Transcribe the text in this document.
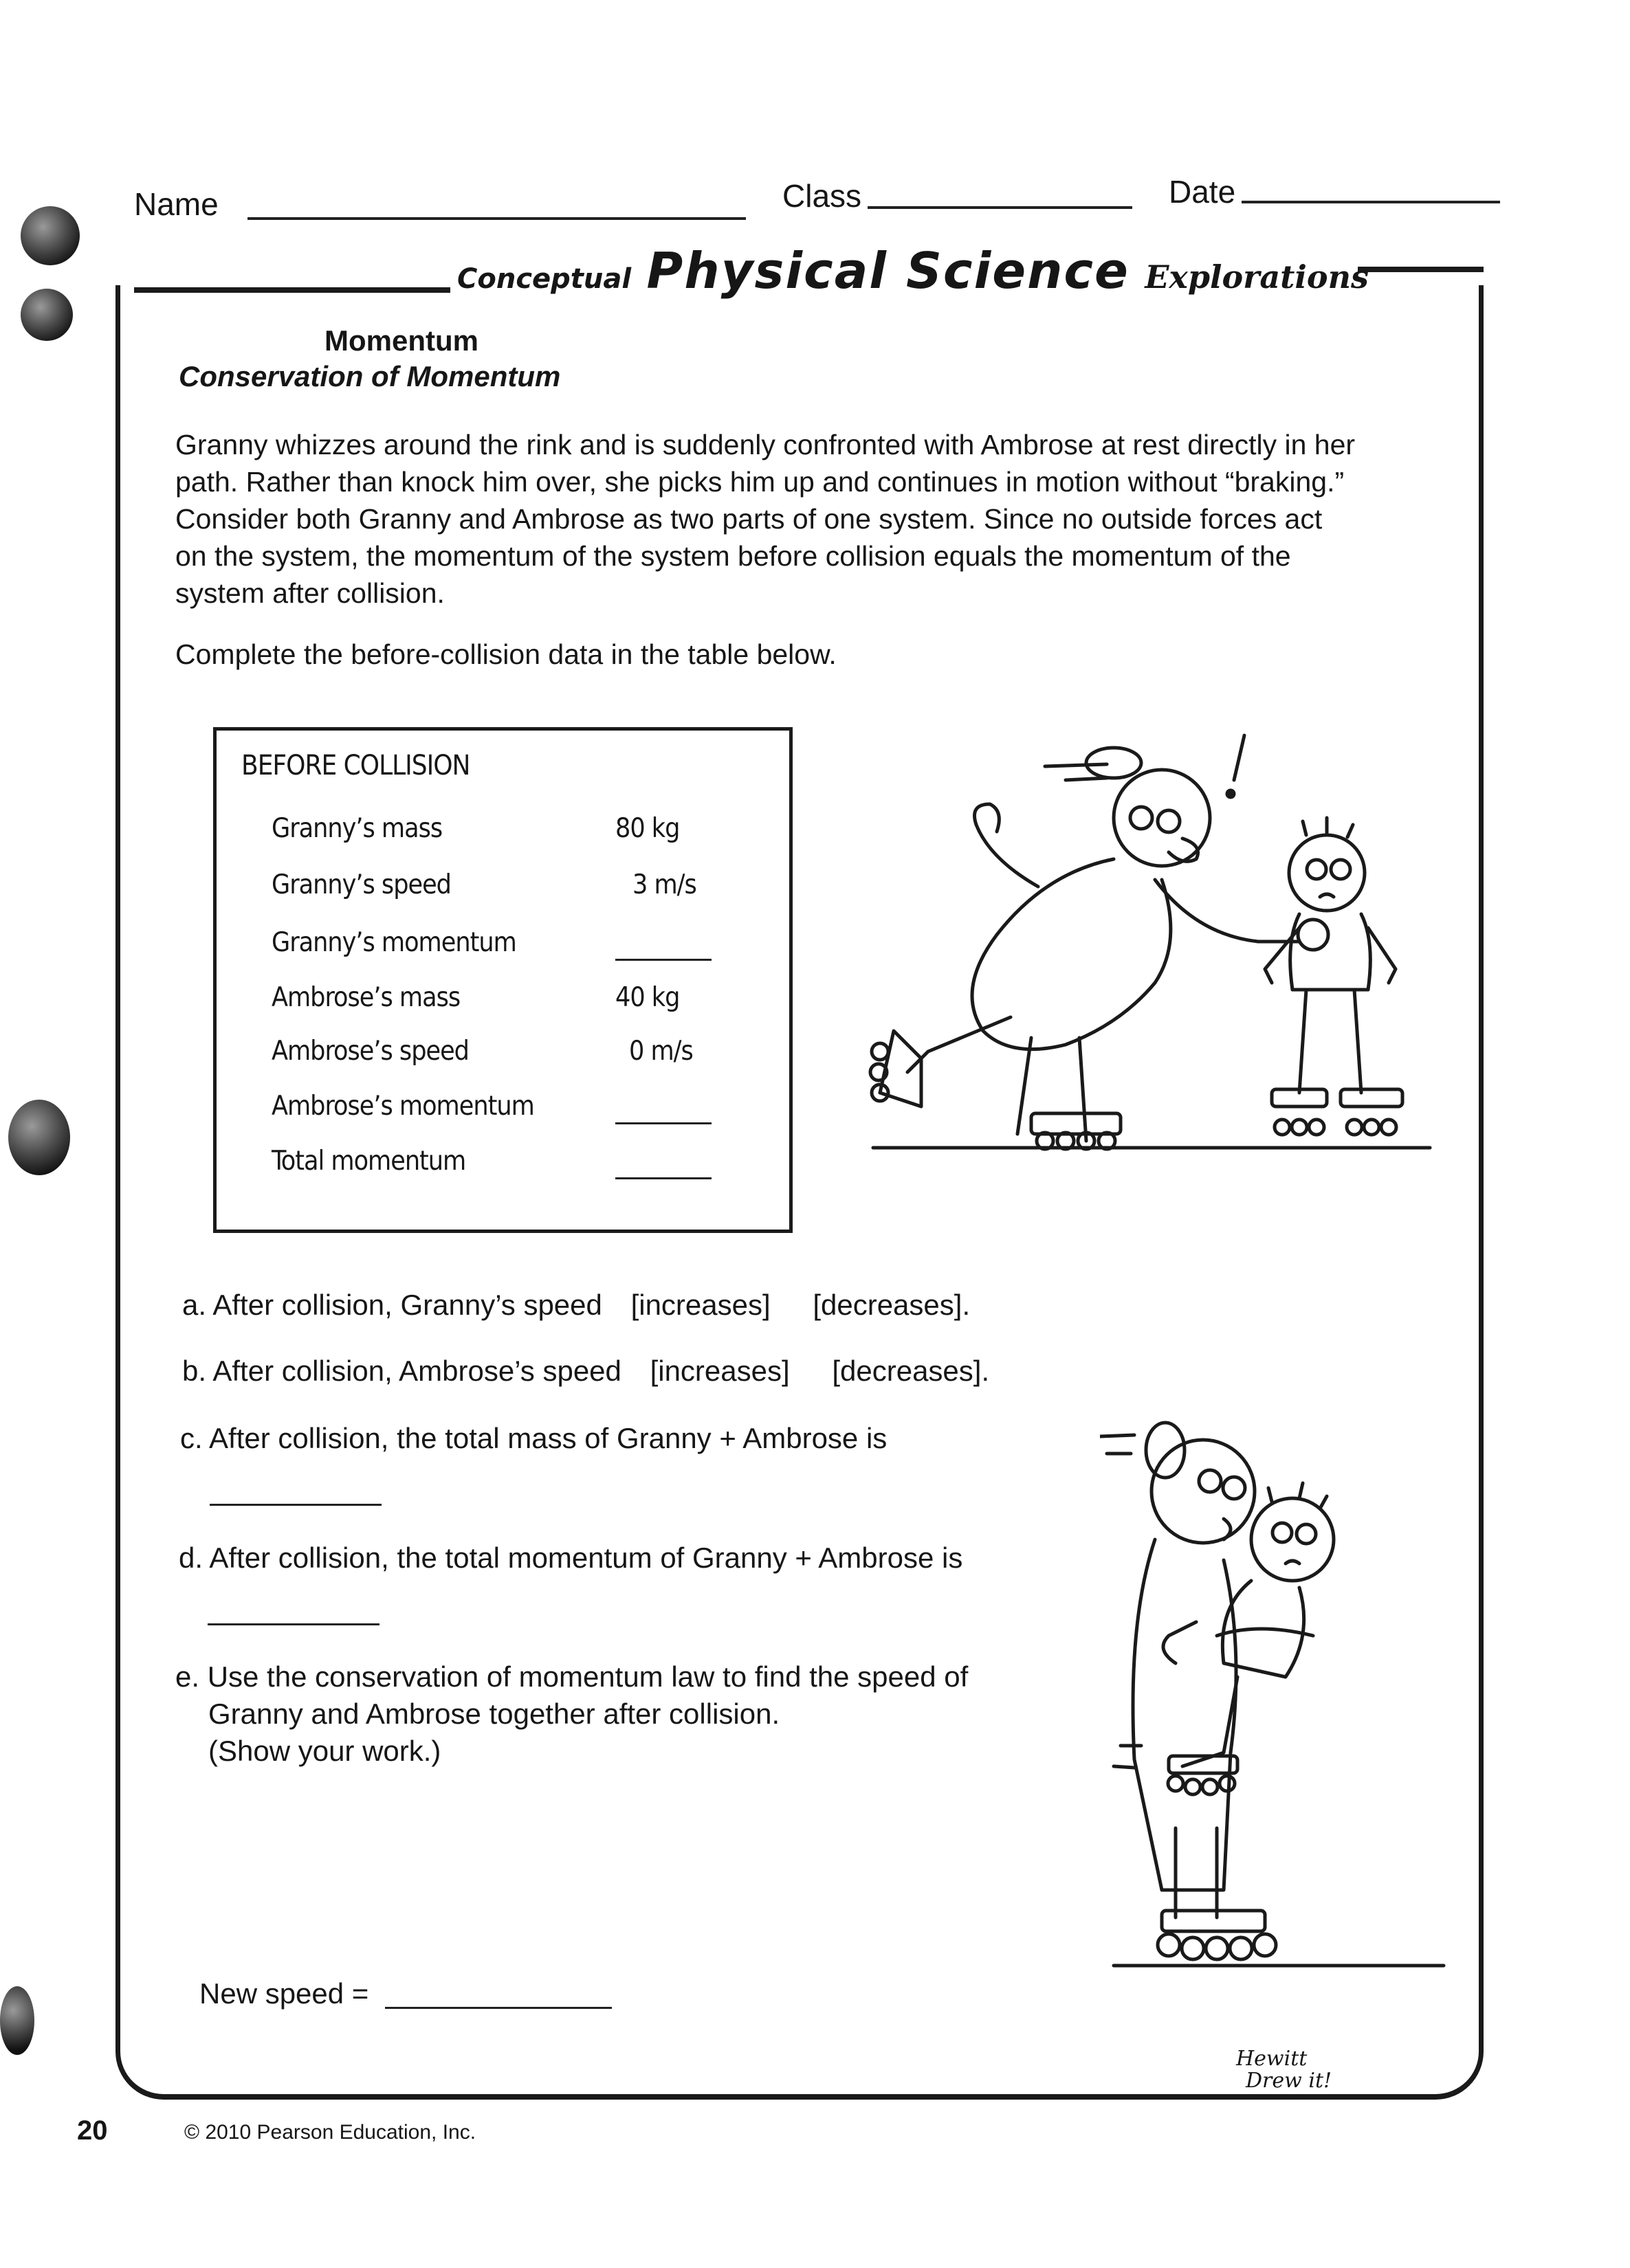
Name	Class	Date
Conceptual Physical Science Explorations
Momentum
Conservation of Momentum
Granny whizzes around the rink and is suddenly confronted with Ambrose at rest directly in her
path. Rather than knock him over, she picks him up and continues in motion without “braking.”
Consider both Granny and Ambrose as two parts of one system. Since no outside forces act
on the system, the momentum of the system before collision equals the momentum of the
system after collision.
Complete the before-collision data in the table below.
BEFORE COLLISION
Granny’s mass	80 kg
Granny’s speed	3 m/s
Granny’s momentum
Ambrose’s mass	40 kg
Ambrose’s speed	0 m/s
Ambrose’s momentum
Total momentum
a. After collision, Granny’s speed [increases] [decreases].
b. After collision, Ambrose’s speed [increases] [decreases].
c. After collision, the total mass of Granny + Ambrose is
d. After collision, the total momentum of Granny + Ambrose is
e. Use the conservation of momentum law to find the speed of
Granny and Ambrose together after collision.
(Show your work.)
New speed =
Hewitt
Drew it!
20	© 2010 Pearson Education, Inc.
